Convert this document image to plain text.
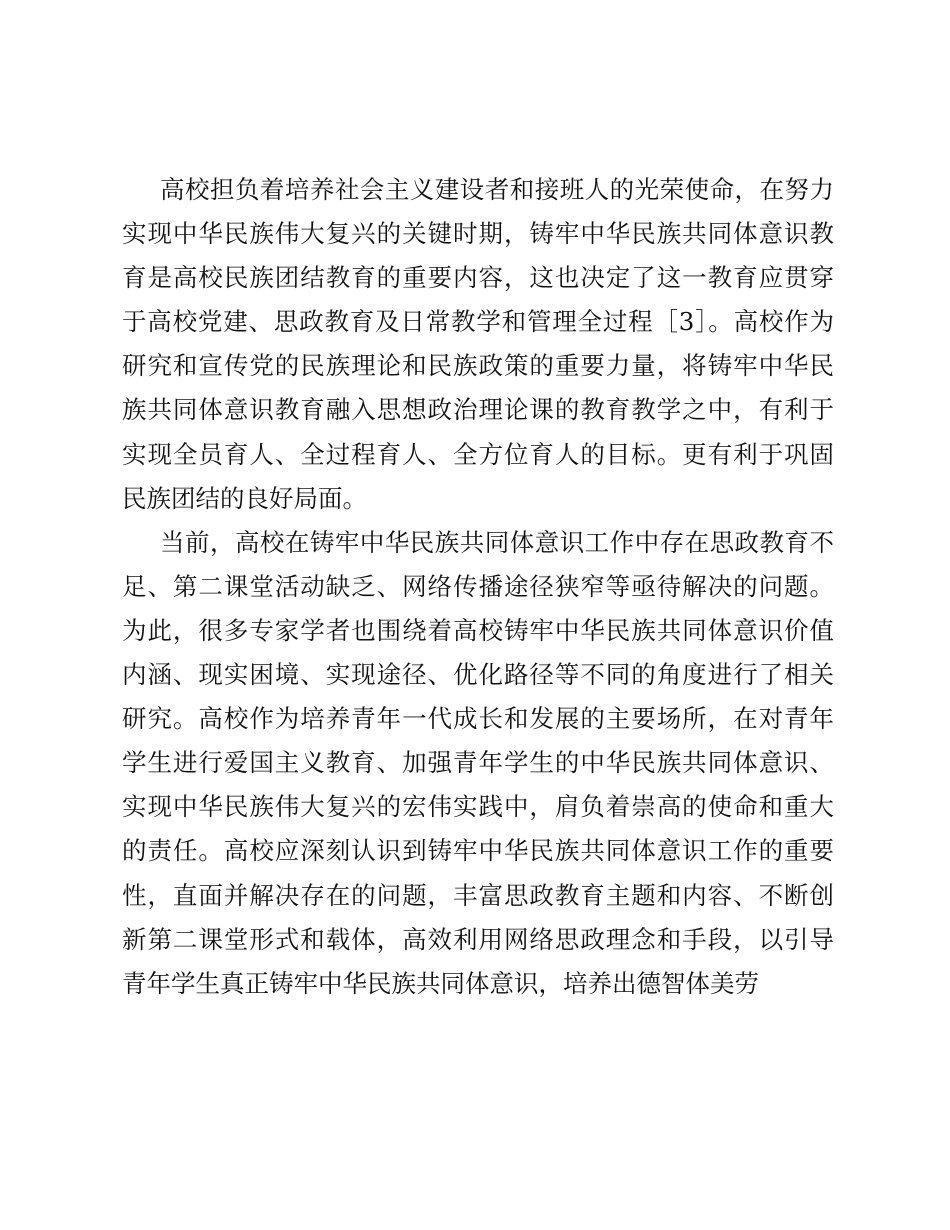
高校担负着培养社会主义建设者和接班人的光荣使命，在努力
实现中华民族伟大复兴的关键时期，铸牢中华民族共同体意识教
育是高校民族团结教育的重要内容，这也决定了这一教育应贯穿
于高校党建、思政教育及日常教学和管理全过程［3］。高校作为
研究和宣传党的民族理论和民族政策的重要力量，将铸牢中华民
族共同体意识教育融入思想政治理论课的教育教学之中，有利于
实现全员育人、全过程育人、全方位育人的目标。更有利于巩固
民族团结的良好局面。
当前，高校在铸牢中华民族共同体意识工作中存在思政教育不
足、第二课堂活动缺乏、网络传播途径狭窄等亟待解决的问题。
为此，很多专家学者也围绕着高校铸牢中华民族共同体意识价值
内涵、现实困境、实现途径、优化路径等不同的角度进行了相关
研究。高校作为培养青年一代成长和发展的主要场所，在对青年
学生进行爱国主义教育、加强青年学生的中华民族共同体意识、
实现中华民族伟大复兴的宏伟实践中，肩负着崇高的使命和重大
的责任。高校应深刻认识到铸牢中华民族共同体意识工作的重要
性，直面并解决存在的问题，丰富思政教育主题和内容、不断创
新第二课堂形式和载体，高效利用网络思政理念和手段，以引导
青年学生真正铸牢中华民族共同体意识，培养出德智体美劳
